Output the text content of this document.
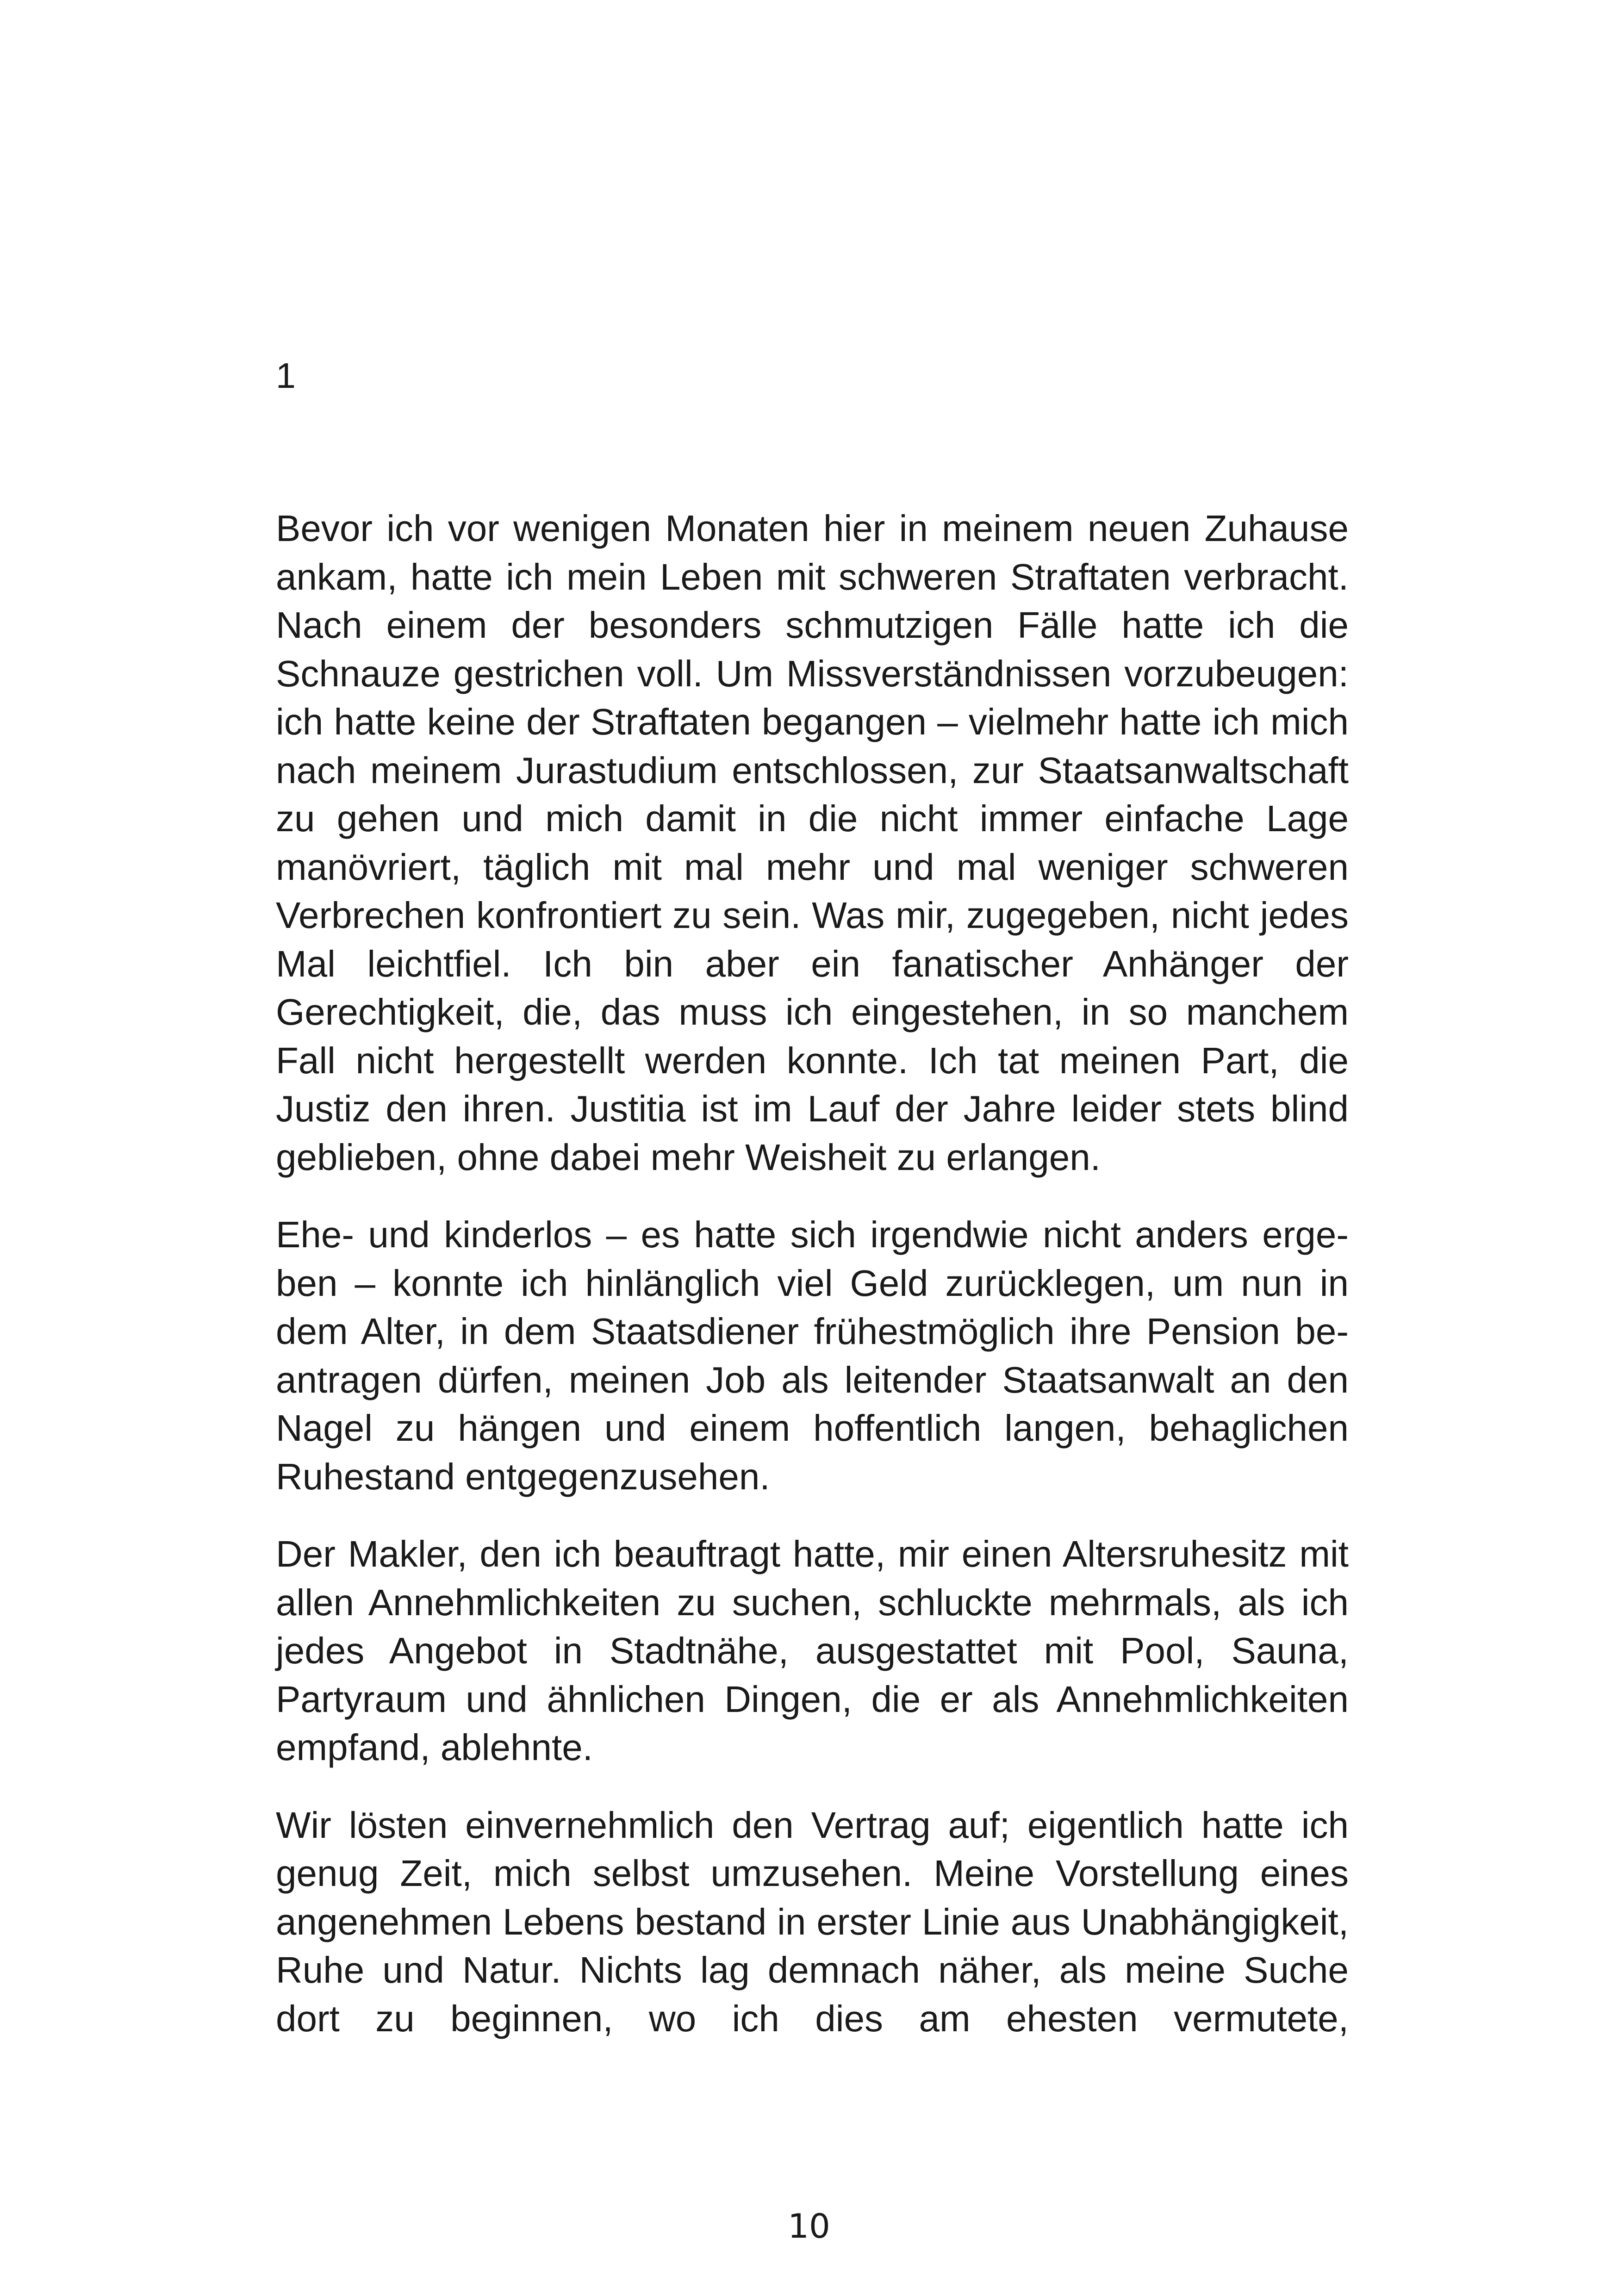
1

Bevor ich vor wenigen Monaten hier in meinem neuen Zuhause ankam, hatte ich mein Leben mit schweren Straftaten verbracht. Nach einem der besonders schmutzigen Fälle hatte ich die Schnauze gestrichen voll. Um Missverständnissen vorzubeugen: ich hatte keine der Straftaten begangen – vielmehr hatte ich mich nach meinem Jurastudium entschlossen, zur Staatsanwaltschaft zu gehen und mich damit in die nicht immer einfache Lage manövriert, täglich mit mal mehr und mal weniger schweren Verbrechen konfrontiert zu sein. Was mir, zugegeben, nicht jedes Mal leichtfiel. Ich bin aber ein fanatischer Anhänger der Gerechtigkeit, die, das muss ich eingestehen, in so manchem Fall nicht hergestellt werden konnte. Ich tat meinen Part, die Justiz den ihren. Justitia ist im Lauf der Jahre leider stets blind geblieben, ohne dabei mehr Weisheit zu erlangen.

Ehe- und kinderlos – es hatte sich irgendwie nicht anders ergeben – konnte ich hinlänglich viel Geld zurücklegen, um nun in dem Alter, in dem Staatsdiener frühestmöglich ihre Pension beantragen dürfen, meinen Job als leitender Staatsanwalt an den Nagel zu hängen und einem hoffentlich langen, behaglichen Ruhestand entgegenzusehen.

Der Makler, den ich beauftragt hatte, mir einen Altersruhesitz mit allen Annehmlichkeiten zu suchen, schluckte mehrmals, als ich jedes Angebot in Stadtnähe, ausgestattet mit Pool, Sauna, Partyraum und ähnlichen Dingen, die er als Annehmlichkeiten empfand, ablehnte.

Wir lösten einvernehmlich den Vertrag auf; eigentlich hatte ich genug Zeit, mich selbst umzusehen. Meine Vorstellung eines angenehmen Lebens bestand in erster Linie aus Unabhängigkeit, Ruhe und Natur. Nichts lag demnach näher, als meine Suche dort zu beginnen, wo ich dies am ehesten vermutete,

10
